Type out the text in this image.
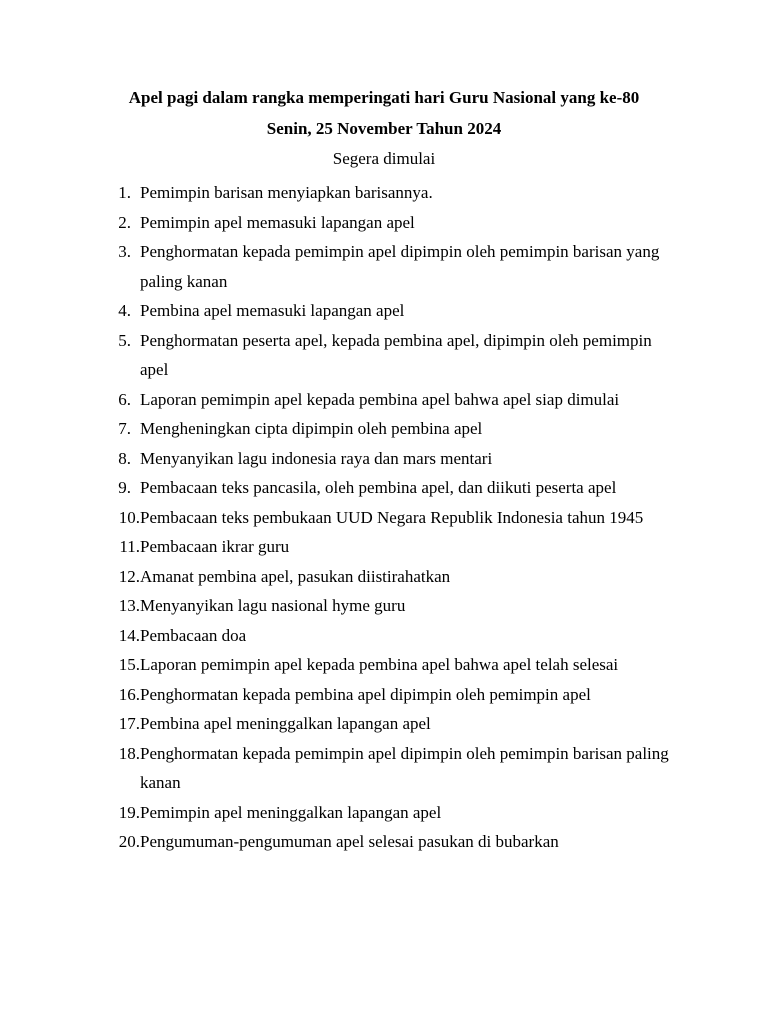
Apel pagi dalam rangka memperingati hari Guru Nasional yang ke-80
Senin, 25 November Tahun 2024

Segera dimulai

1. Pemimpin barisan menyiapkan barisannya.
2. Pemimpin apel memasuki lapangan apel
3. Penghormatan kepada pemimpin apel dipimpin oleh pemimpin barisan yang paling kanan
4. Pembina apel memasuki lapangan apel
5. Penghormatan peserta apel, kepada pembina apel, dipimpin oleh pemimpin apel
6. Laporan pemimpin apel kepada pembina apel bahwa apel siap dimulai
7. Mengheningkan cipta dipimpin oleh pembina apel
8. Menyanyikan lagu indonesia raya dan mars mentari
9. Pembacaan teks pancasila, oleh pembina apel, dan diikuti peserta apel
10. Pembacaan teks pembukaan UUD Negara Republik Indonesia tahun 1945
11. Pembacaan ikrar guru
12. Amanat pembina apel, pasukan diistirahatkan
13. Menyanyikan lagu nasional hyme guru
14. Pembacaan doa
15. Laporan pemimpin apel kepada pembina apel bahwa apel telah selesai
16. Penghormatan kepada pembina apel dipimpin oleh pemimpin apel
17. Pembina apel meninggalkan lapangan apel
18. Penghormatan kepada pemimpin apel dipimpin oleh pemimpin barisan paling kanan
19. Pemimpin apel meninggalkan lapangan apel
20. Pengumuman-pengumuman apel selesai pasukan di bubarkan
